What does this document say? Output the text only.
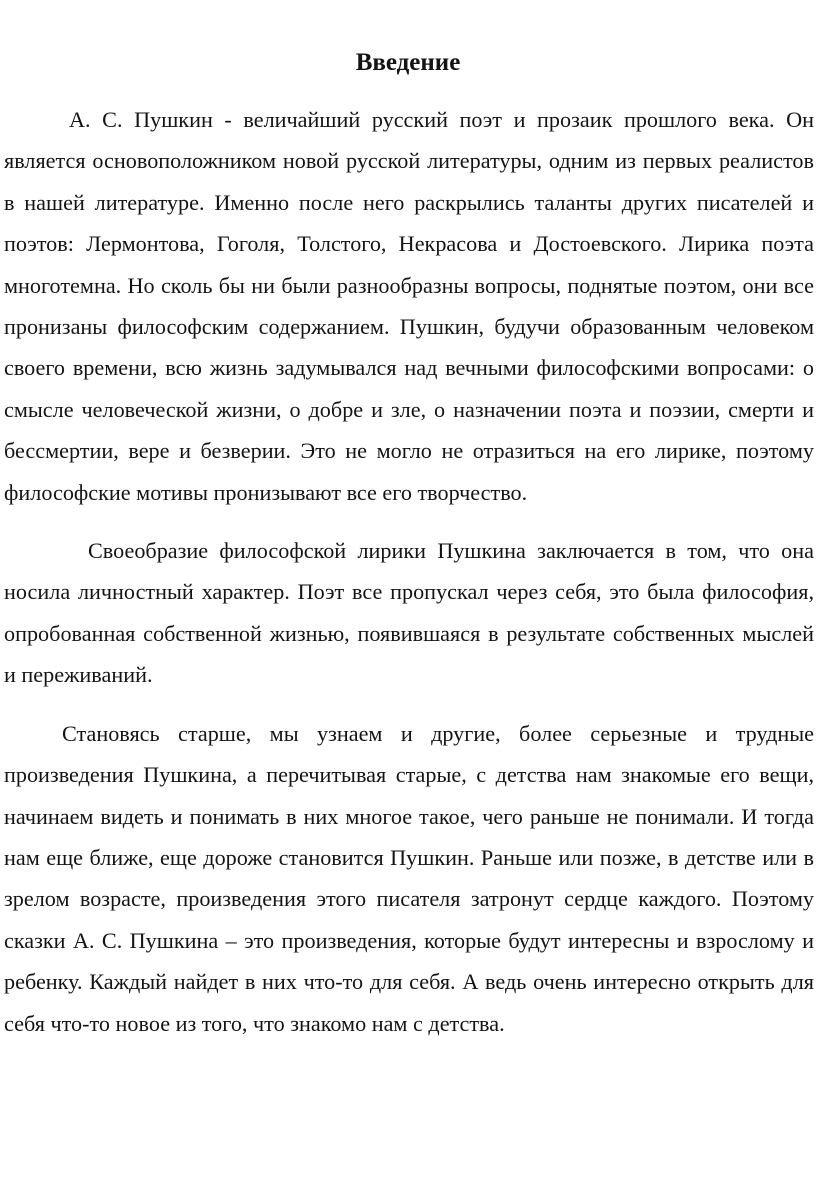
Введение

А. С. Пушкин - величайший русский поэт и прозаик прошлого века. Он является основоположником новой русской литературы, одним из первых реалистов в нашей литературе. Именно после него раскрылись таланты других писателей и поэтов: Лермонтова, Гоголя, Толстого, Некрасова и Достоевского. Лирика поэта многотемна. Но сколь бы ни были разнообразны вопросы, поднятые поэтом, они все пронизаны философским содержанием. Пушкин, будучи образованным человеком своего времени, всю жизнь задумывался над вечными философскими вопросами: о смысле человеческой жизни, о добре и зле, о назначении поэта и поэзии, смерти и бессмертии, вере и безверии. Это не могло не отразиться на его лирике, поэтому философские мотивы пронизывают все его творчество.

Своеобразие философской лирики Пушкина заключается в том, что она носила личностный характер. Поэт все пропускал через себя, это была философия, опробованная собственной жизнью, появившаяся в результате собственных мыслей и переживаний.

Становясь старше, мы узнаем и другие, более серьезные и трудные произведения Пушкина, а перечитывая старые, с детства нам знакомые его вещи, начинаем видеть и понимать в них многое такое, чего раньше не понимали. И тогда нам еще ближе, еще дороже становится Пушкин. Раньше или позже, в детстве или в зрелом возрасте, произведения этого писателя затронут сердце каждого. Поэтому сказки А. С. Пушкина – это произведения, которые будут интересны и взрослому и ребенку. Каждый найдет в них что-то для себя. А ведь очень интересно открыть для себя что-то новое из того, что знакомо нам с детства.
